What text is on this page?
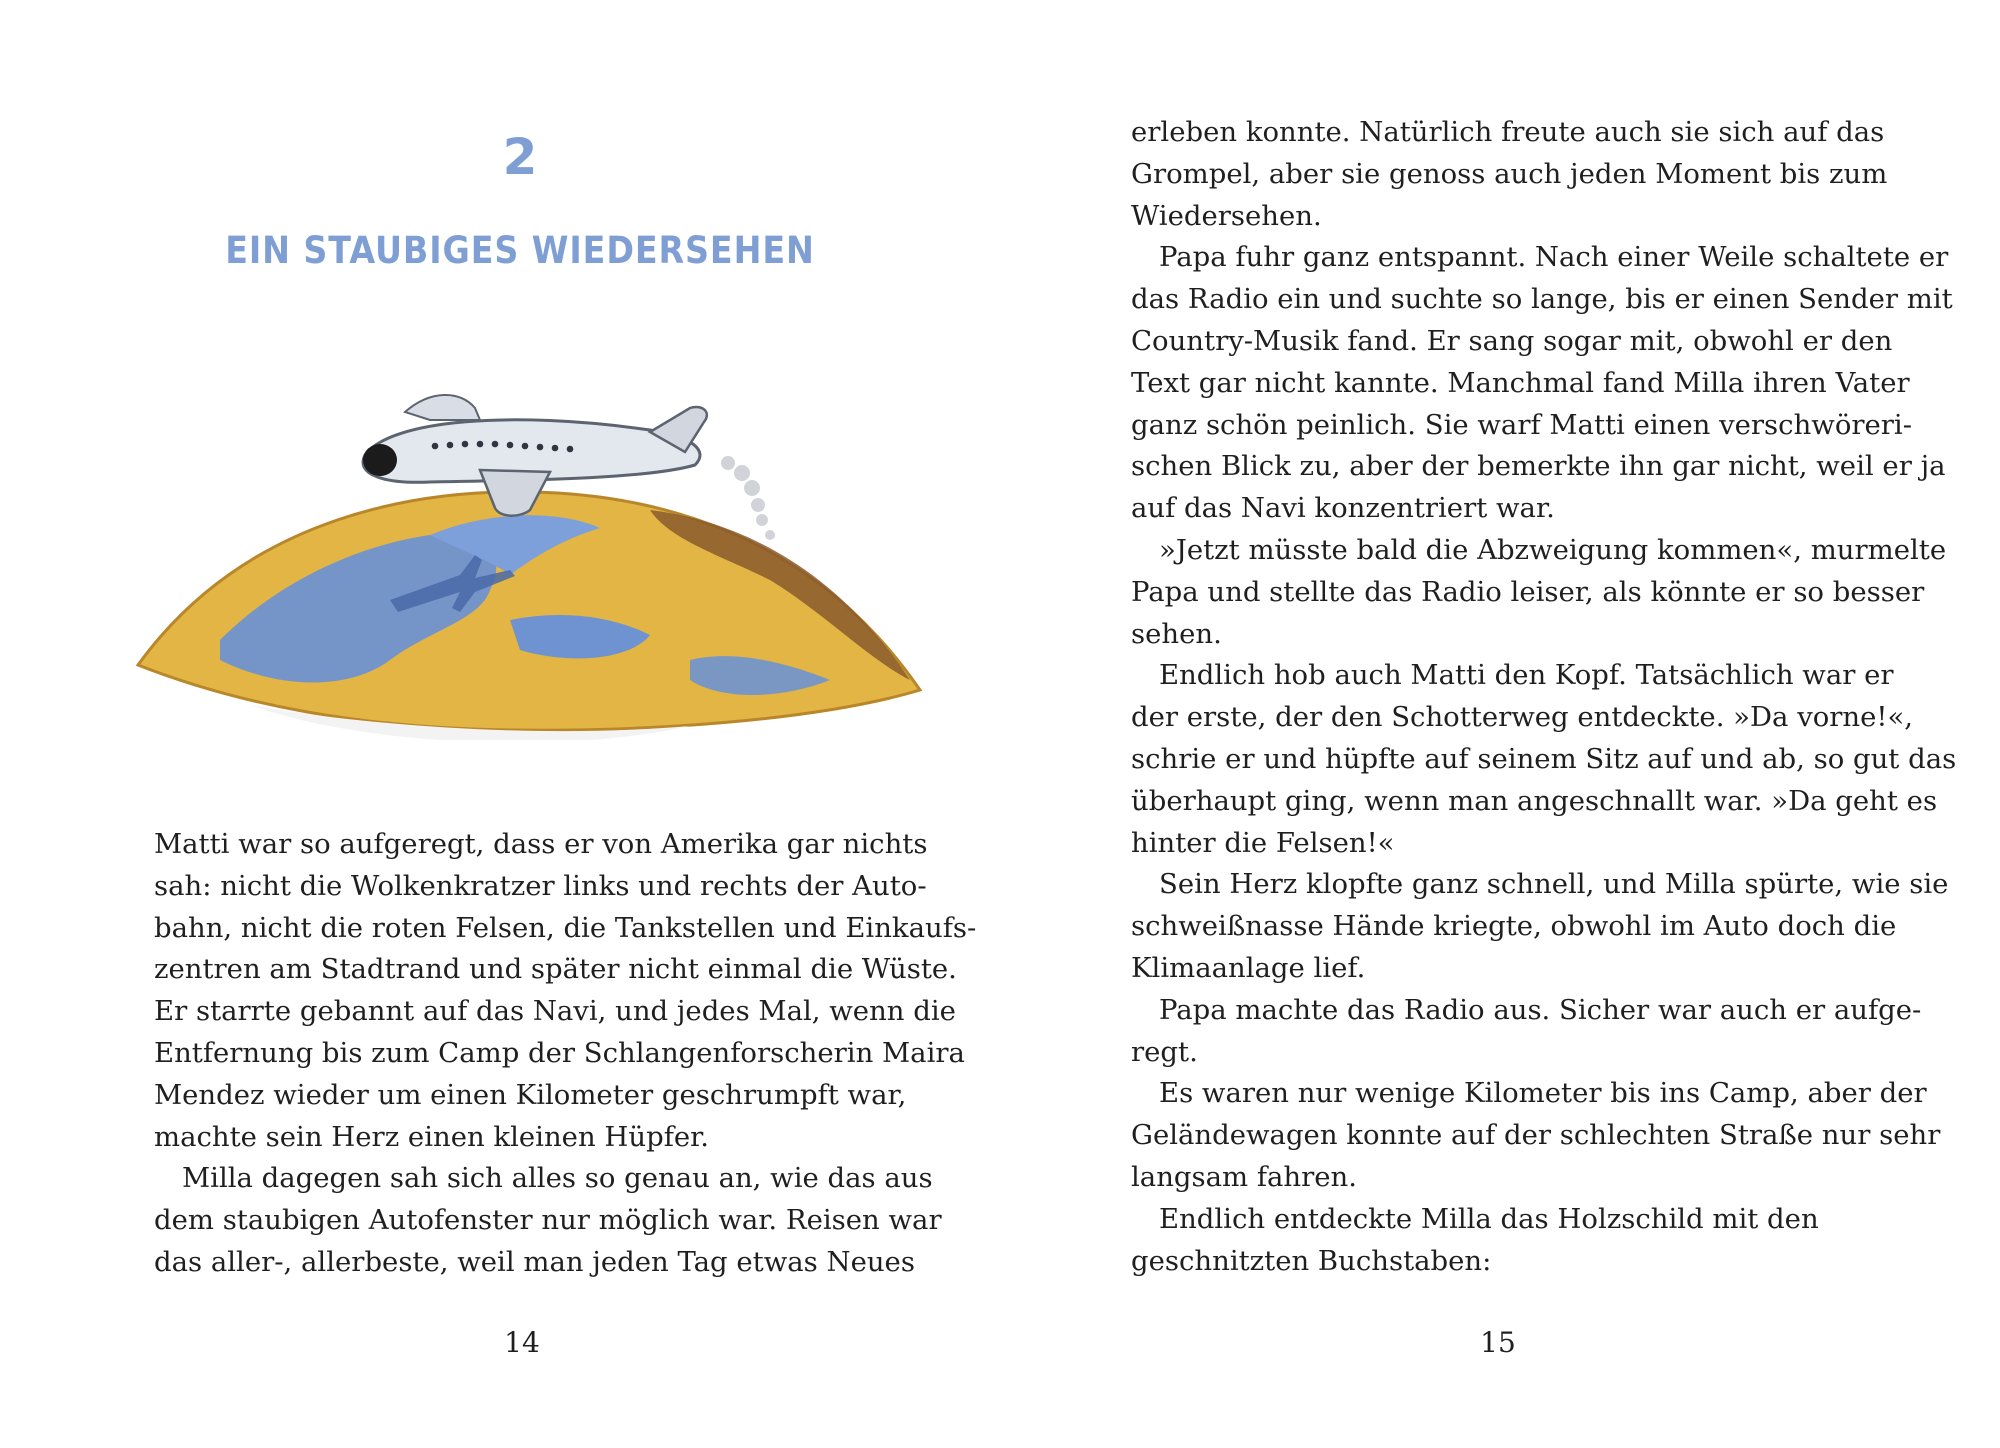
2
EIN STAUBIGES WIEDERSEHEN
Matti war so aufgeregt, dass er von Amerika gar nichts
sah: nicht die Wolkenkratzer links und rechts der Auto-
bahn, nicht die roten Felsen, die Tankstellen und Einkaufs-
zentren am Stadtrand und später nicht einmal die Wüste.
Er starrte gebannt auf das Navi, und jedes Mal, wenn die
Entfernung bis zum Camp der Schlangenforscherin Maira
Mendez wieder um einen Kilometer geschrumpft war,
machte sein Herz einen kleinen Hüpfer.
Milla dagegen sah sich alles so genau an, wie das aus
dem staubigen Autofenster nur möglich war. Reisen war
das aller-, allerbeste, weil man jeden Tag etwas Neues
14
erleben konnte. Natürlich freute auch sie sich auf das
Grompel, aber sie genoss auch jeden Moment bis zum
Wiedersehen.
Papa fuhr ganz entspannt. Nach einer Weile schaltete er
das Radio ein und suchte so lange, bis er einen Sender mit
Country-Musik fand. Er sang sogar mit, obwohl er den
Text gar nicht kannte. Manchmal fand Milla ihren Vater
ganz schön peinlich. Sie warf Matti einen verschwöreri-
schen Blick zu, aber der bemerkte ihn gar nicht, weil er ja
auf das Navi konzentriert war.
»Jetzt müsste bald die Abzweigung kommen«, murmelte
Papa und stellte das Radio leiser, als könnte er so besser
sehen.
Endlich hob auch Matti den Kopf. Tatsächlich war er
der erste, der den Schotterweg entdeckte. »Da vorne!«,
schrie er und hüpfte auf seinem Sitz auf und ab, so gut das
überhaupt ging, wenn man angeschnallt war. »Da geht es
hinter die Felsen!«
Sein Herz klopfte ganz schnell, und Milla spürte, wie sie
schweißnasse Hände kriegte, obwohl im Auto doch die
Klimaanlage lief.
Papa machte das Radio aus. Sicher war auch er aufge-
regt.
Es waren nur wenige Kilometer bis ins Camp, aber der
Geländewagen konnte auf der schlechten Straße nur sehr
langsam fahren.
Endlich entdeckte Milla das Holzschild mit den
geschnitzten Buchstaben:
15
